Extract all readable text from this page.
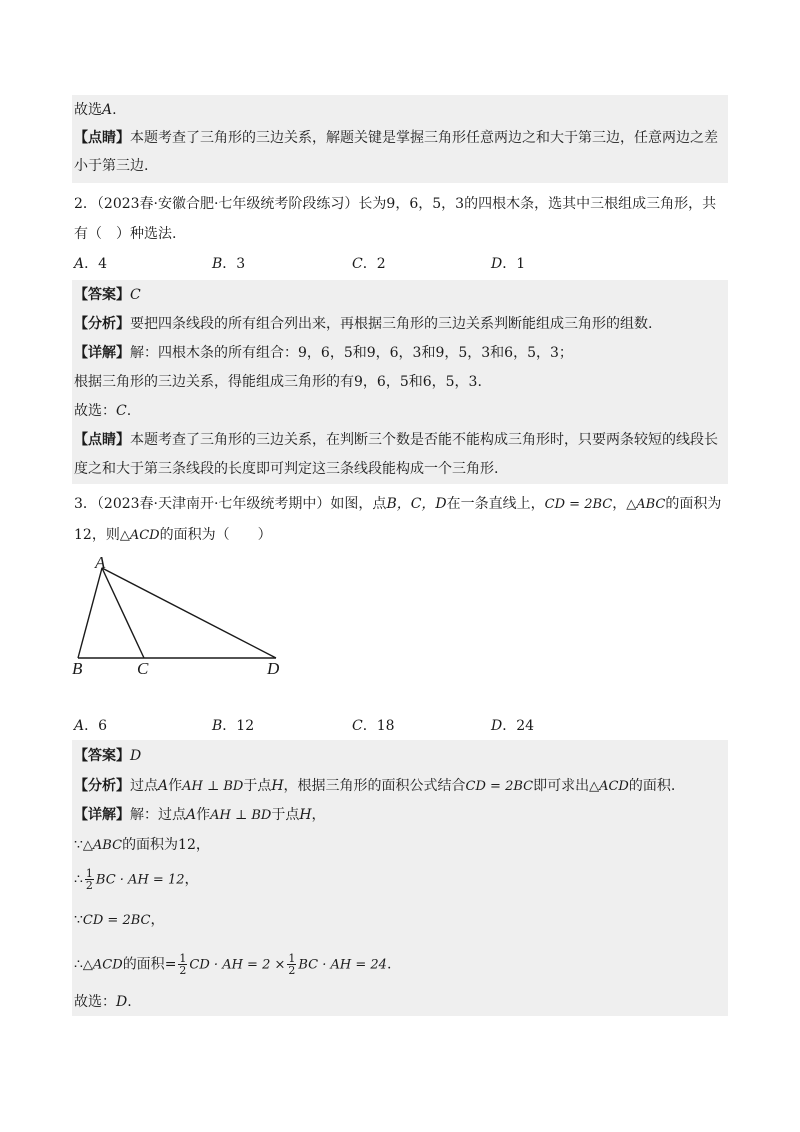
故选A.
【点睛】本题考查了三角形的三边关系，解题关键是掌握三角形任意两边之和大于第三边，任意两边之差
小于第三边.
2．（2023春·安徽合肥·七年级统考阶段练习）长为9，6，5，3的四根木条，选其中三根组成三角形，共
有（　）种选法.
A．4	B．3	C．2	D．1
【答案】C
【分析】要把四条线段的所有组合列出来，再根据三角形的三边关系判断能组成三角形的组数.
【详解】解：四根木条的所有组合：9，6，5和9，6，3和9，5，3和6，5，3；
根据三角形的三边关系，得能组成三角形的有9，6，5和6，5，3.
故选：C.
【点睛】本题考查了三角形的三边关系，在判断三个数是否能不能构成三角形时，只要两条较短的线段长
度之和大于第三条线段的长度即可判定这三条线段能构成一个三角形.
3．（2023春·天津南开·七年级统考期中）如图，点B，C，D在一条直线上，CD = 2BC，△ABC的面积为
12，则△ACD的面积为（　　）
A
B	C	D
A．6	B．12	C．18	D．24
【答案】D
【分析】过点A作AH ⊥ BD于点H，根据三角形的面积公式结合CD = 2BC即可求出△ACD的面积.
【详解】解：过点A作AH ⊥ BD于点H，
∵△ABC的面积为12，
∴ $\frac{1}{2}$ BC · AH = 12，
∵CD = 2BC，
∴△ACD的面积= $\frac{1}{2}$ CD · AH = $2 \times \frac{1}{2}$ BC · AH = 24.
故选：D.
